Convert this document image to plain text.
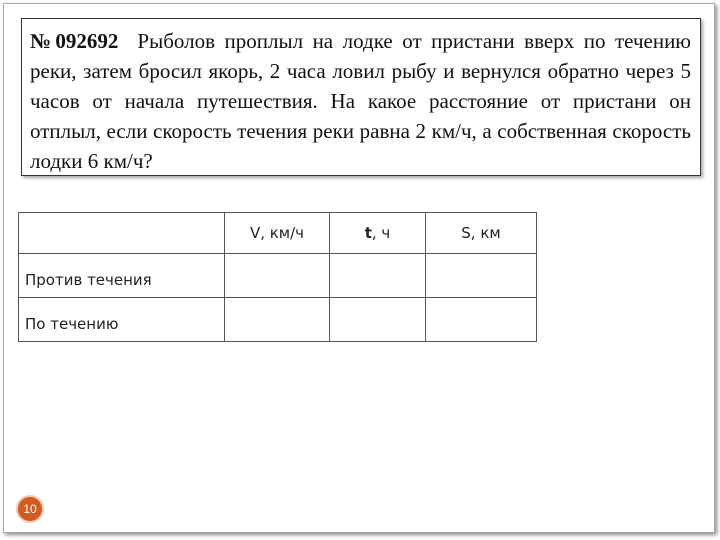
№092692 Рыболов проплыл на лодке от пристани вверх по течению реки, затем бросил якорь, 2 часа ловил рыбу и вернулся обратно через 5 часов от начала путешествия. На какое расстояние от пристани он отплыл, если скорость течения реки равна 2 км/ч, а собственная скорость лодки 6 км/ч?
	V, км/ч	t, ч	S, км
Против течения			
По течению			
10
